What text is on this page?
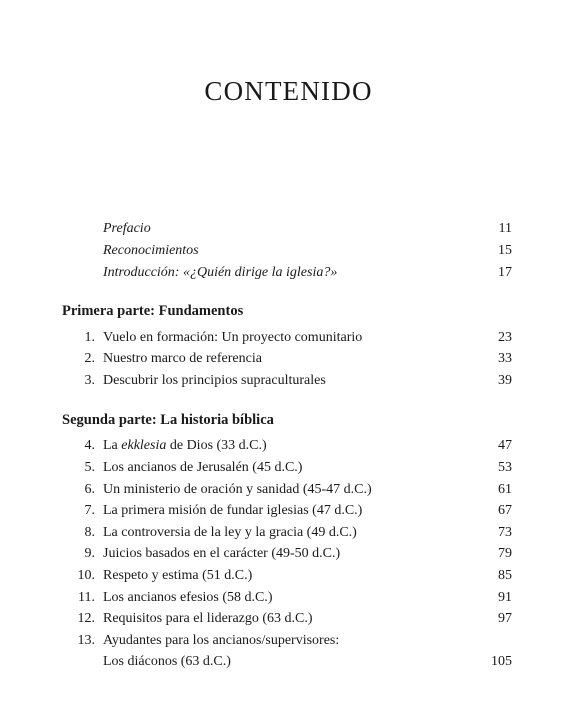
CONTENIDO
Prefacio	11
Reconocimientos	15
Introducción: «¿Quién dirige la iglesia?»	17
Primera parte: Fundamentos
1. Vuelo en formación: Un proyecto comunitario	23
2. Nuestro marco de referencia	33
3. Descubrir los principios supraculturales	39
Segunda parte: La historia bíblica
4. La ekklesia de Dios (33 d.C.)	47
5. Los ancianos de Jerusalén (45 d.C.)	53
6. Un ministerio de oración y sanidad (45-47 d.C.)	61
7. La primera misión de fundar iglesias (47 d.C.)	67
8. La controversia de la ley y la gracia (49 d.C.)	73
9. Juicios basados en el carácter (49-50 d.C.)	79
10. Respeto y estima (51 d.C.)	85
11. Los ancianos efesios (58 d.C.)	91
12. Requisitos para el liderazgo (63 d.C.)	97
13. Ayudantes para los ancianos/supervisores:
Los diáconos (63 d.C.)	105
